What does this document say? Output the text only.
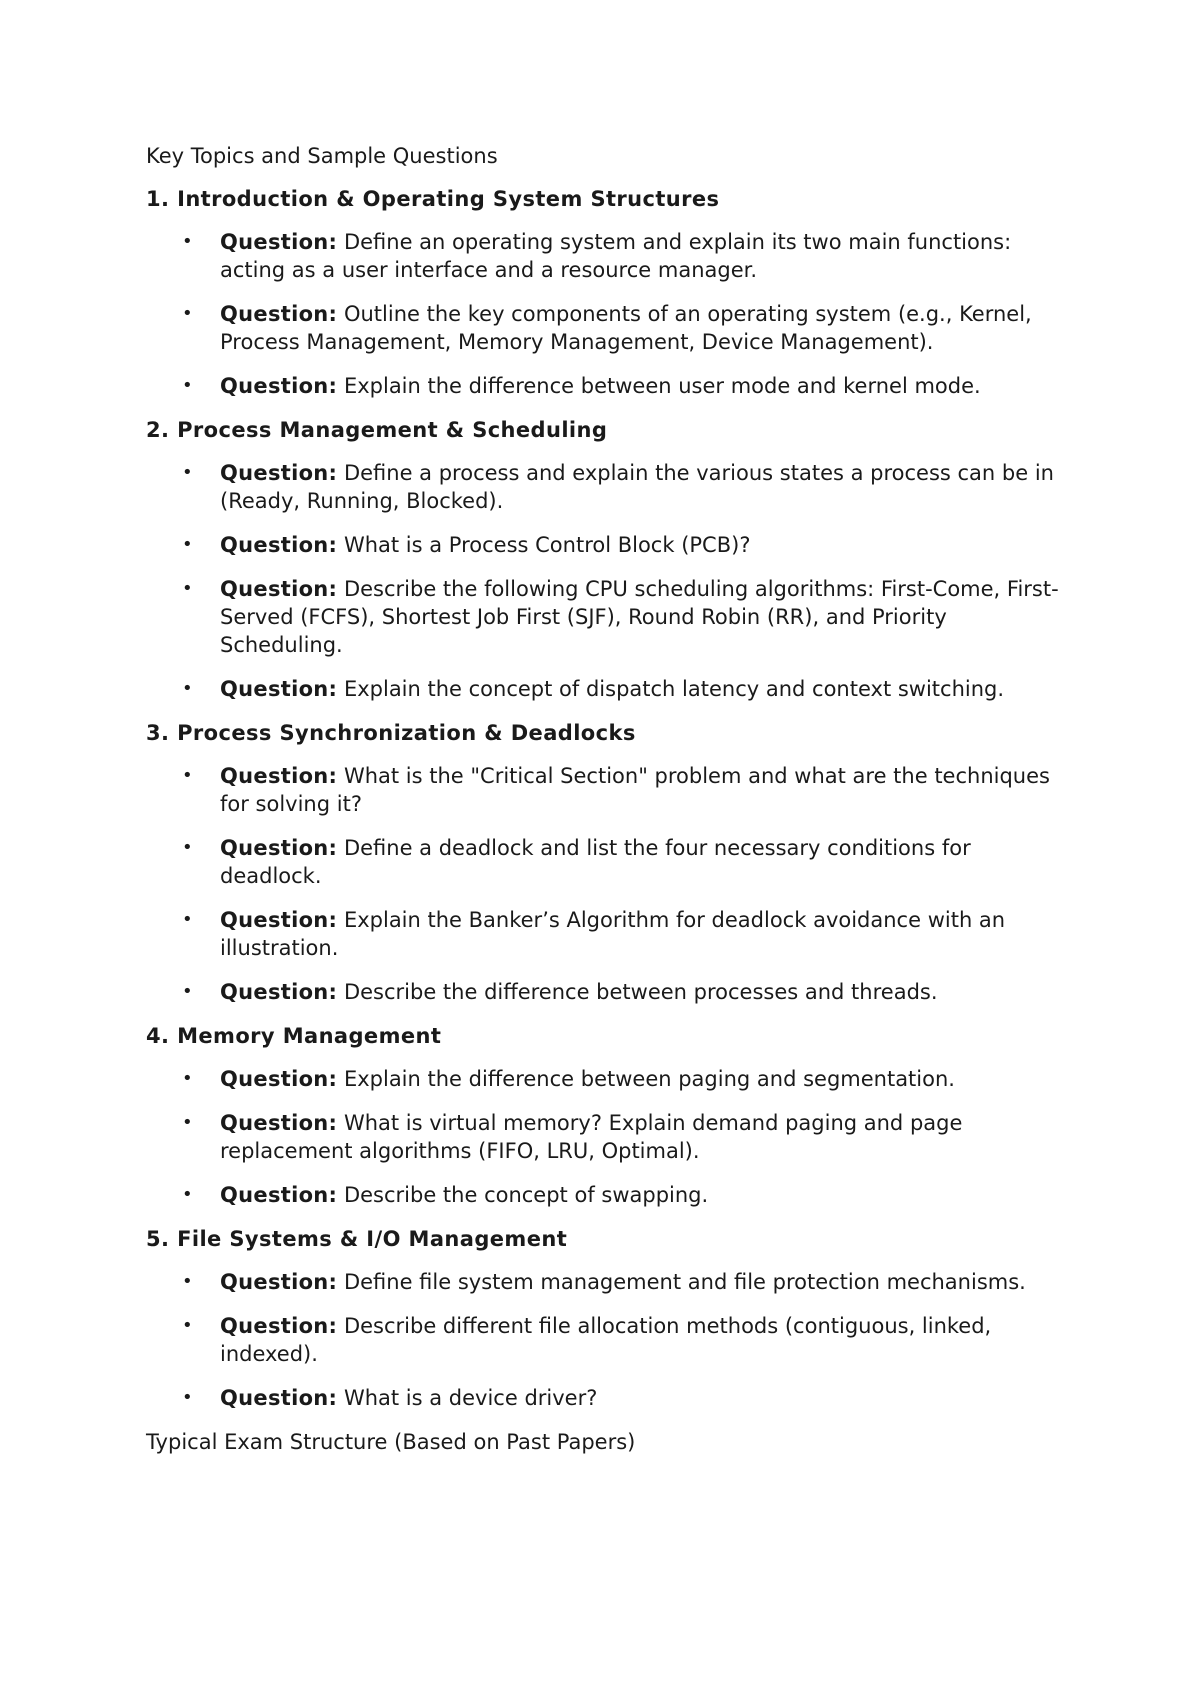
Key Topics and Sample Questions

1. Introduction & Operating System Structures

• Question: Define an operating system and explain its two main functions: acting as a user interface and a resource manager.
• Question: Outline the key components of an operating system (e.g., Kernel, Process Management, Memory Management, Device Management).
• Question: Explain the difference between user mode and kernel mode.

2. Process Management & Scheduling

• Question: Define a process and explain the various states a process can be in (Ready, Running, Blocked).
• Question: What is a Process Control Block (PCB)?
• Question: Describe the following CPU scheduling algorithms: First-Come, First-Served (FCFS), Shortest Job First (SJF), Round Robin (RR), and Priority Scheduling.
• Question: Explain the concept of dispatch latency and context switching.

3. Process Synchronization & Deadlocks

• Question: What is the "Critical Section" problem and what are the techniques for solving it?
• Question: Define a deadlock and list the four necessary conditions for deadlock.
• Question: Explain the Banker’s Algorithm for deadlock avoidance with an illustration.
• Question: Describe the difference between processes and threads.

4. Memory Management

• Question: Explain the difference between paging and segmentation.
• Question: What is virtual memory? Explain demand paging and page replacement algorithms (FIFO, LRU, Optimal).
• Question: Describe the concept of swapping.

5. File Systems & I/O Management

• Question: Define file system management and file protection mechanisms.
• Question: Describe different file allocation methods (contiguous, linked, indexed).
• Question: What is a device driver?

Typical Exam Structure (Based on Past Papers)
